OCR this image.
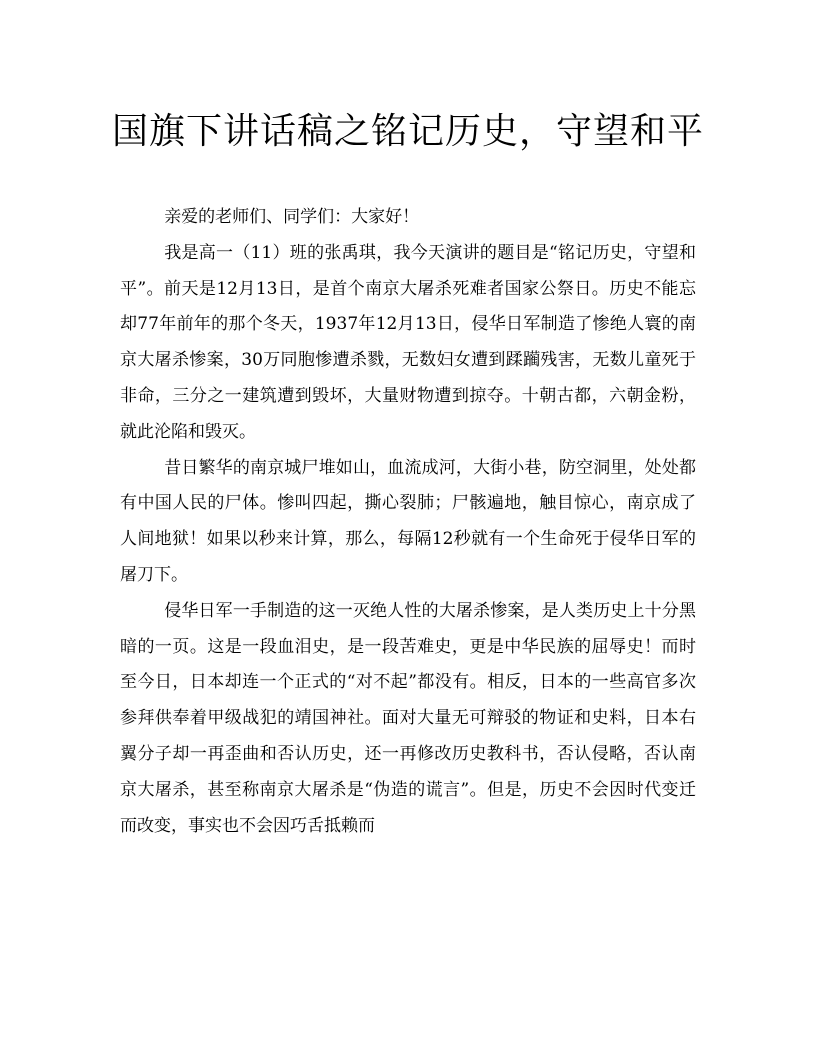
国旗下讲话稿之铭记历史，守望和平

亲爱的老师们、同学们：大家好！

我是高一（11）班的张禹琪，我今天演讲的题目是“铭记历史，守望和平”。前天是12月13日，是首个南京大屠杀死难者国家公祭日。历史不能忘却77年前年的那个冬天，1937年12月13日，侵华日军制造了惨绝人寰的南京大屠杀惨案，30万同胞惨遭杀戮，无数妇女遭到蹂躏残害，无数儿童死于非命，三分之一建筑遭到毁坏，大量财物遭到掠夺。十朝古都，六朝金粉，就此沦陷和毁灭。

昔日繁华的南京城尸堆如山，血流成河，大街小巷，防空洞里，处处都有中国人民的尸体。惨叫四起，撕心裂肺；尸骸遍地，触目惊心，南京成了人间地狱！如果以秒来计算，那么，每隔12秒就有一个生命死于侵华日军的屠刀下。

侵华日军一手制造的这一灭绝人性的大屠杀惨案，是人类历史上十分黑暗的一页。这是一段血泪史，是一段苦难史，更是中华民族的屈辱史！而时至今日，日本却连一个正式的“对不起”都没有。相反，日本的一些高官多次参拜供奉着甲级战犯的靖国神社。面对大量无可辩驳的物证和史料，日本右翼分子却一再歪曲和否认历史，还一再修改历史教科书，否认侵略，否认南京大屠杀，甚至称南京大屠杀是“伪造的谎言”。但是，历史不会因时代变迁而改变，事实也不会因巧舌抵赖而
